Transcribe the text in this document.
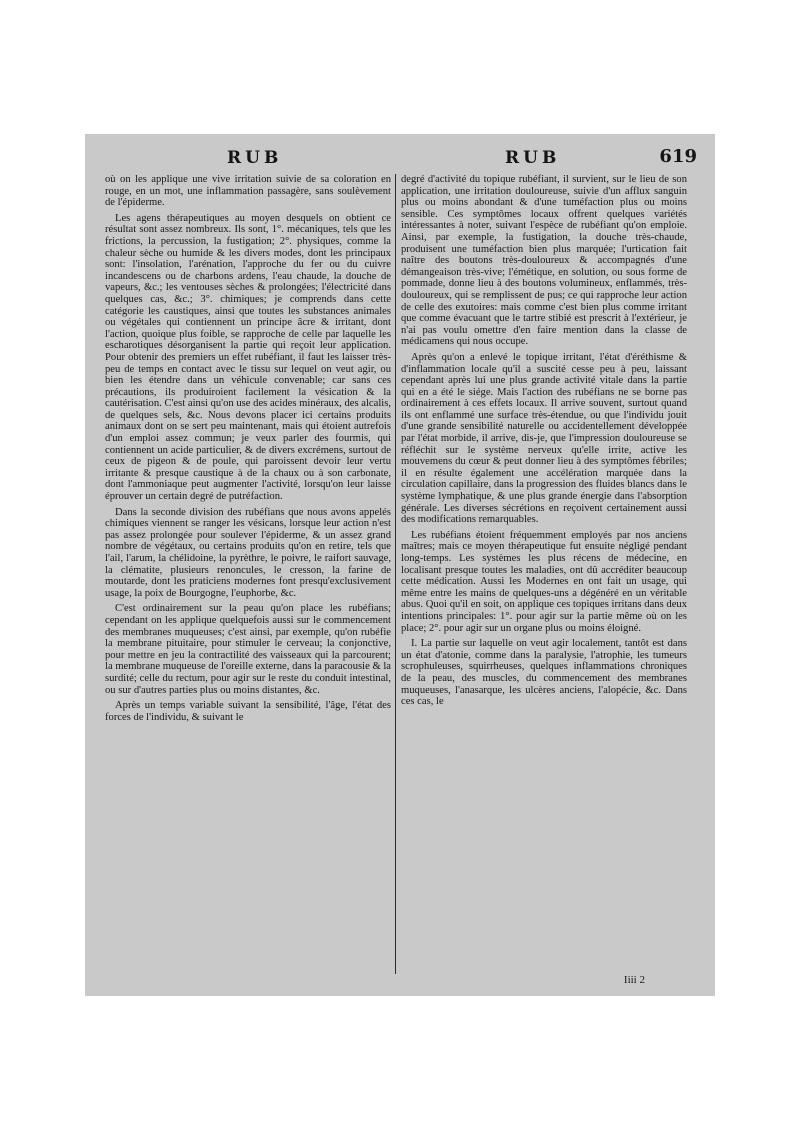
RUB	RUB	619

où on les applique une vive irritation suivie de sa coloration en rouge, en un mot, une inflammation passagère, sans soulèvement de l'épiderme.

Les agens thérapeutiques au moyen desquels on obtient ce résultat sont assez nombreux. Ils sont, 1°. mécaniques, tels que les frictions, la percussion, la fustigation; 2°. physiques, comme la chaleur sèche ou humide & les divers modes, dont les principaux sont: l'insolation, l'arénation, l'approche du fer ou du cuivre incandescens ou de charbons ardens, l'eau chaude, la douche de vapeurs, &c.; les ventouses sèches & prolongées; l'électricité dans quelques cas, &c.; 3°. chimiques; je comprends dans cette catégorie les caustiques, ainsi que toutes les substances animales ou végétales qui contiennent un principe âcre & irritant, dont l'action, quoique plus foible, se rapproche de celle par laquelle les escharotiques désorganisent la partie qui reçoit leur application. Pour obtenir des premiers un effet rubéfiant, il faut les laisser très-peu de temps en contact avec le tissu sur lequel on veut agir, ou bien les étendre dans un véhicule convenable; car sans ces précautions, ils produiroient facilement la vésication & la cautérisation. C'est ainsi qu'on use des acides minéraux, des alcalis, de quelques sels, &c. Nous devons placer ici certains produits animaux dont on se sert peu maintenant, mais qui étoient autrefois d'un emploi assez commun; je veux parler des fourmis, qui contiennent un acide particulier, & de divers excrémens, surtout de ceux de pigeon & de poule, qui paroissent devoir leur vertu irritante & presque caustique à de la chaux ou à son carbonate, dont l'ammoniaque peut augmenter l'activité, lorsqu'on leur laisse éprouver un certain degré de putréfaction.

Dans la seconde division des rubéfians que nous avons appelés chimiques viennent se ranger les vésicans, lorsque leur action n'est pas assez prolongée pour soulever l'épiderme, & un assez grand nombre de végétaux, ou certains produits qu'on en retire, tels que l'ail, l'arum, la chélidoine, la pyrèthre, le poivre, le raifort sauvage, la clématite, plusieurs renoncules, le cresson, la farine de moutarde, dont les praticiens modernes font presqu'exclusivement usage, la poix de Bourgogne, l'euphorbe, &c.

C'est ordinairement sur la peau qu'on place les rubéfians; cependant on les applique quelquefois aussi sur le commencement des membranes muqueuses; c'est ainsi, par exemple, qu'on rubéfie la membrane pituitaire, pour stimuler le cerveau; la conjonctive, pour mettre en jeu la contractilité des vaisseaux qui la parcourent; la membrane muqueuse de l'oreille externe, dans la paracousie & la surdité; celle du rectum, pour agir sur le reste du conduit intestinal, ou sur d'autres parties plus ou moins distantes, &c.

Après un temps variable suivant la sensibilité, l'âge, l'état des forces de l'individu, & suivant le

degré d'activité du topique rubéfiant, il survient, sur le lieu de son application, une irritation douloureuse, suivie d'un afflux sanguin plus ou moins abondant & d'une tuméfaction plus ou moins sensible. Ces symptômes locaux offrent quelques variétés intéressantes à noter, suivant l'espèce de rubéfiant qu'on emploie. Ainsi, par exemple, la fustigation, la douche très-chaude, produisent une tuméfaction bien plus marquée; l'urtication fait naître des boutons très-douloureux & accompagnés d'une démangeaison très-vive; l'émétique, en solution, ou sous forme de pommade, donne lieu à des boutons volumineux, enflammés, très-douloureux, qui se remplissent de pus; ce qui rapproche leur action de celle des exutoires: mais comme c'est bien plus comme irritant que comme évacuant que le tartre stibié est prescrit à l'extérieur, je n'ai pas voulu omettre d'en faire mention dans la classe de médicamens qui nous occupe.

Après qu'on a enlevé le topique irritant, l'état d'éréthisme & d'inflammation locale qu'il a suscité cesse peu à peu, laissant cependant après lui une plus grande activité vitale dans la partie qui en a été le siége. Mais l'action des rubéfians ne se borne pas ordinairement à ces effets locaux. Il arrive souvent, surtout quand ils ont enflammé une surface très-étendue, ou que l'individu jouit d'une grande sensibilité naturelle ou accidentellement développée par l'état morbide, il arrive, dis-je, que l'impression douloureuse se réfléchit sur le système nerveux qu'elle irrite, active les mouvemens du cœur & peut donner lieu à des symptômes fébriles; il en résulte également une accélération marquée dans la circulation capillaire, dans la progression des fluides blancs dans le système lymphatique, & une plus grande énergie dans l'absorption générale. Les diverses sécrétions en reçoivent certainement aussi des modifications remarquables.

Les rubéfians étoient fréquemment employés par nos anciens maîtres; mais ce moyen thérapeutique fut ensuite négligé pendant long-temps. Les systèmes les plus récens de médecine, en localisant presque toutes les maladies, ont dû accréditer beaucoup cette médication. Aussi les Modernes en ont fait un usage, qui même entre les mains de quelques-uns a dégénéré en un véritable abus. Quoi qu'il en soit, on applique ces topiques irritans dans deux intentions principales: 1°. pour agir sur la partie même où on les place; 2°. pour agir sur un organe plus ou moins éloigné.

I. La partie sur laquelle on veut agir localement, tantôt est dans un état d'atonie, comme dans la paralysie, l'atrophie, les tumeurs scrophuleuses, squirrheuses, quelques inflammations chroniques de la peau, des muscles, du commencement des membranes muqueuses, l'anasarque, les ulcères anciens, l'alopécie, &c. Dans ces cas, le

Iiii 2
